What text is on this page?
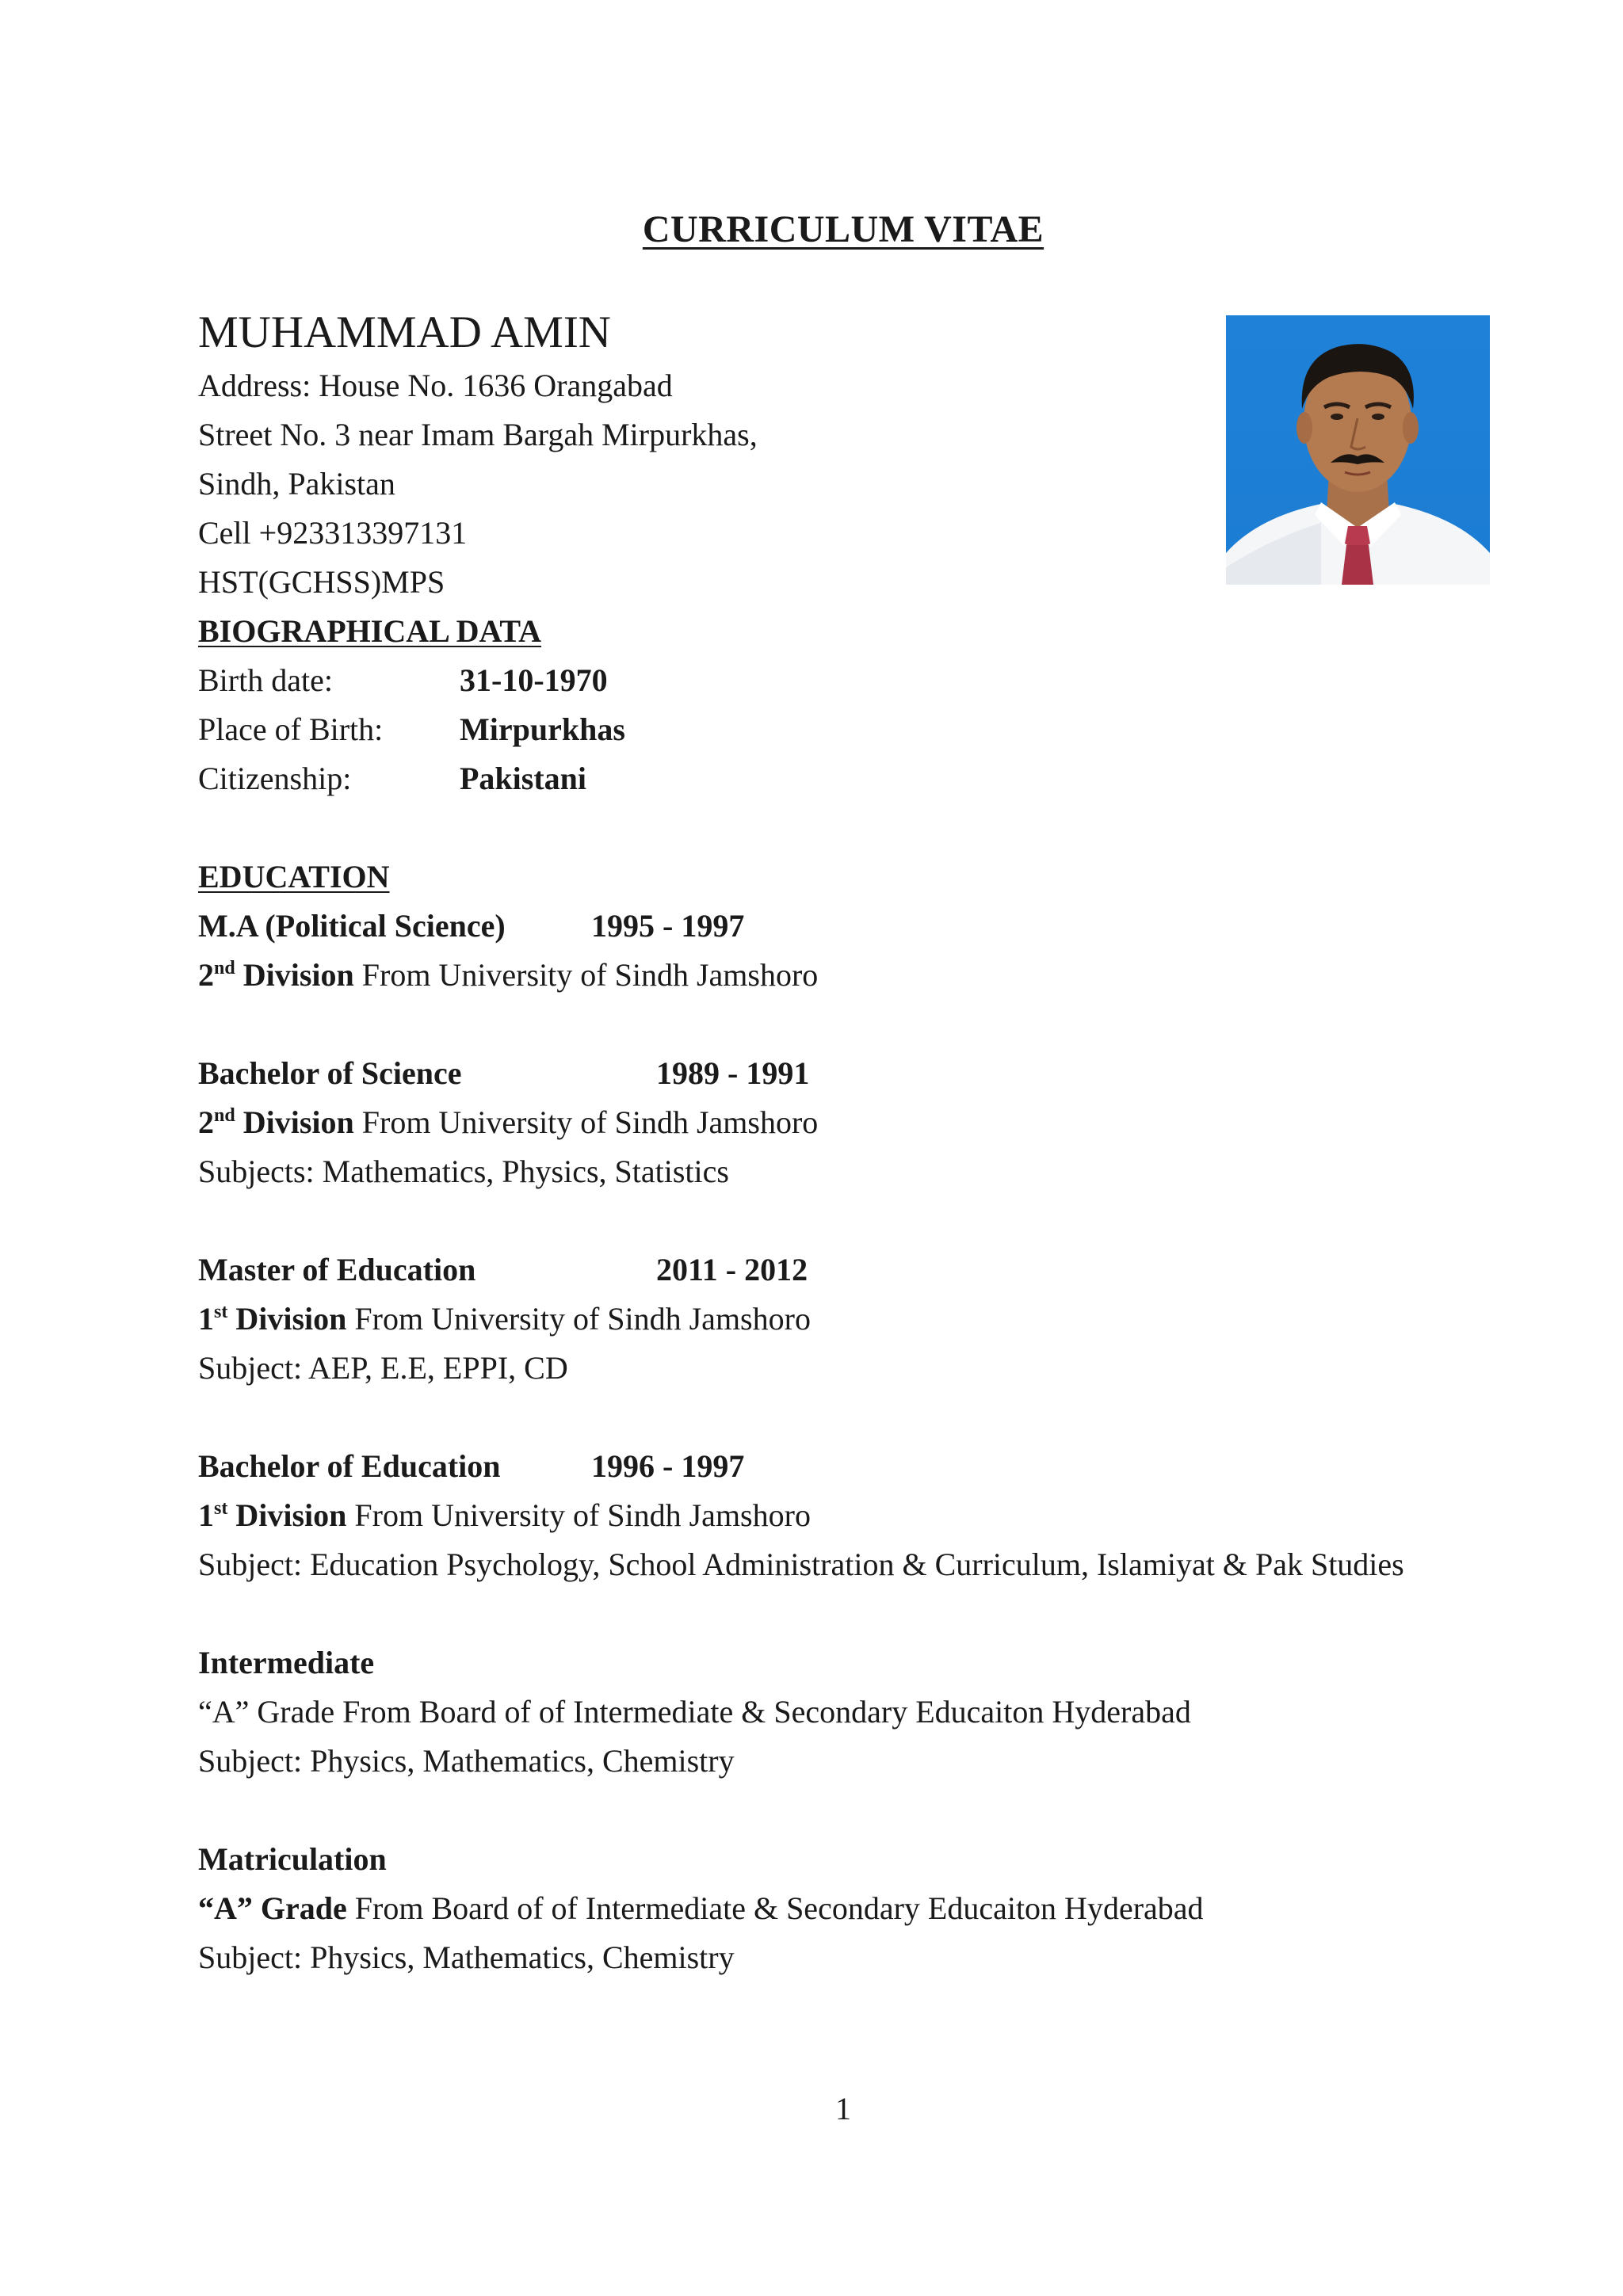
CURRICULUM VITAE
MUHAMMAD AMIN
Address: House No. 1636 Orangabad
Street No. 3 near Imam Bargah Mirpurkhas,
Sindh, Pakistan
Cell +923313397131
HST(GCHSS)MPS
BIOGRAPHICAL DATA
Birth date:	31-10-1970
Place of Birth: Mirpurkhas
Citizenship:	Pakistani
EDUCATION
M.A (Political Science)	1995 - 1997
2nd Division From University of Sindh Jamshoro
Bachelor of Science	1989 - 1991
2nd Division From University of Sindh Jamshoro
Subjects: Mathematics, Physics, Statistics
Master of Education	2011 - 2012
1st Division From University of Sindh Jamshoro
Subject: AEP, E.E, EPPI, CD
Bachelor of Education	1996 - 1997
1st Division From University of Sindh Jamshoro
Subject: Education Psychology, School Administration & Curriculum, Islamiyat & Pak Studies
Intermediate
“A” Grade From Board of of Intermediate & Secondary Educaiton Hyderabad
Subject: Physics, Mathematics, Chemistry
Matriculation
“A” Grade From Board of of Intermediate & Secondary Educaiton Hyderabad
Subject: Physics, Mathematics, Chemistry
1
